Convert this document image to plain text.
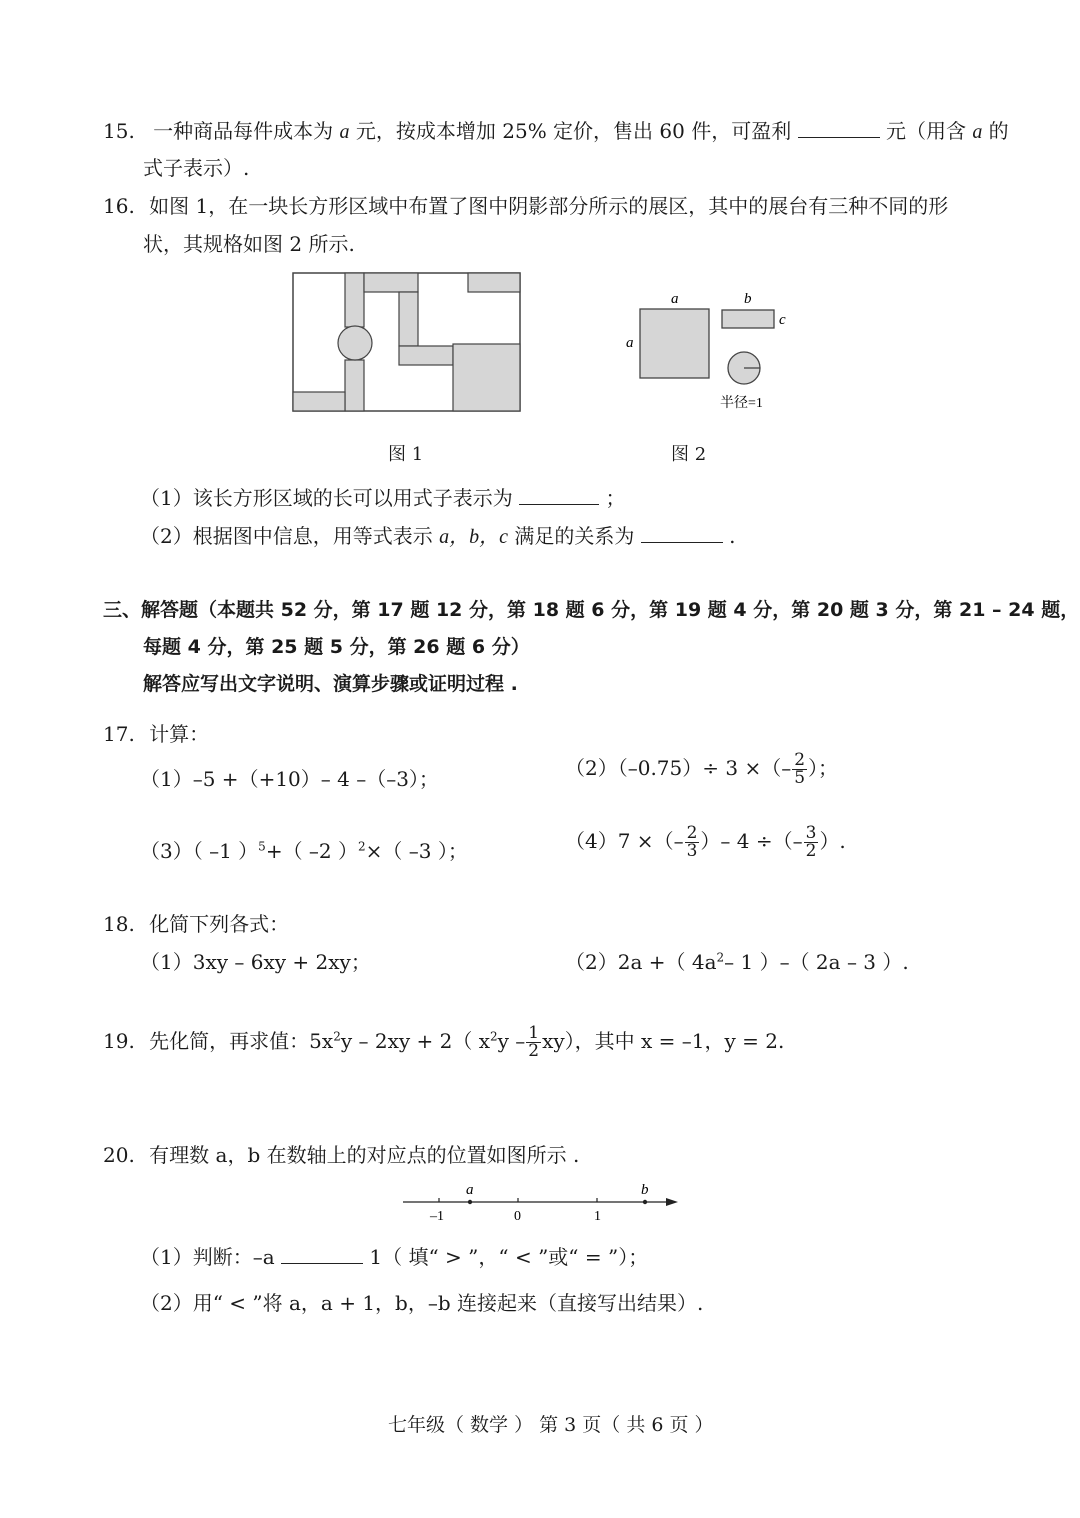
15. 一种商品每件成本为 a 元，按成本增加 25% 定价，售出 60 件，可盈利	元（用含 a 的
式子表示）.
16. 如图 1，在一块长方形区域中布置了图中阴影部分所示的展区，其中的展台有三种不同的形
状，其规格如图 2 所示.
a
a
b
c
半径=1
图 1	图 2
（1）该长方形区域的长可以用式子表示为	；
（2）根据图中信息，用等式表示 a，b，c 满足的关系为	.
三、解答题（本题共 52 分，第 17 题 12 分，第 18 题 6 分，第 19 题 4 分，第 20 题 3 分，第 21 – 24 题，
每题 4 分，第 25 题 5 分，第 26 题 6 分）
解答应写出文字说明、演算步骤或证明过程 .
17. 计算：
（1）–5 +（+10）– 4 –（–3）；	（2）（–0.75）÷ 3 ×（– $\frac{2}{5}$ ）；
（3）（ –1 ）$^5$+（ –2 ）$^2$×（ –3 ）；	（4）7 ×（– $\frac{2}{3}$ ）– 4 ÷（– $\frac{3}{2}$ ）.
18. 化简下列各式：
（1）3xy – 6xy + 2xy；	（2）2a +（ $4a^2-$ 1 ）–（ 2a – 3 ）.
19. 先化简，再求值：$5x^2y - 2xy + 2$（ $x^2y - \frac{1}{2} xy$），其中 x = –1，y = 2.
20. 有理数 a，b 在数轴上的对应点的位置如图所示 .
a	b
–1	0	1
（1）判断：–a	1（ 填“ > ”，“ < ”或“ = ”）；
（2）用“ < ”将 a，a + 1，b，–b 连接起来（直接写出结果）.
七年级（ 数学 ） 第 3 页（ 共 6 页 ）
